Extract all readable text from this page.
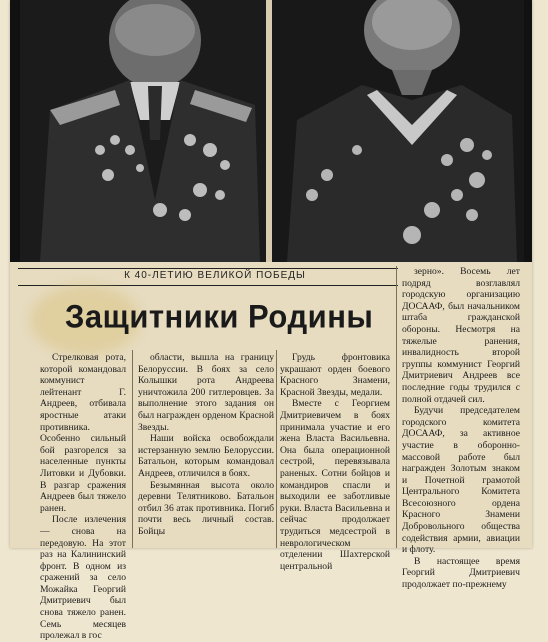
К 40-ЛЕТИЮ ВЕЛИКОЙ ПОБЕДЫ
Защитники Родины

Стрелковая рота, которой командовал коммунист лейтенант Г. Андреев, отбивала яростные атаки противника. Особенно сильный бой разгорелся за населенные пункты Литовки и Дубовки. В разгар сражения Андреев был тяжело ранен.

После излечения — снова на передовую. На этот раз на Калининский фронт. В одном из сражений за село Можайка Георгий Дмитриевич был снова тяжело ранен. Семь месяцев пролежал в гос

области, вышла на границу Белоруссии. В боях за село Колышки рота Андреева уничтожила 200 гитлеровцев. За выполнение этого задания он был награжден орденом Красной Звезды.

Наши войска освобождали истерзанную землю Белоруссии. Батальон, которым командовал Андреев, отличился в боях.

Безымянная высота около деревни Телятниково. Батальон отбил 36 атак противника. Погиб почти весь личный состав. Бойцы

Грудь фронтовика украшают орден боевого Красного Знамени, Красной Звезды, медали.

Вместе с Георгием Дмитриевичем в боях принимала участие и его жена Власта Васильевна. Она была операционной сестрой, перевязывала раненых. Сотни бойцов и командиров спасли и выходили ее заботливые руки. Власта Васильевна и сейчас продолжает трудиться медсестрой в неврологическом отделении Шахтерской центральной

зерно». Восемь лет подряд возглавлял городскую организацию ДОСААФ, был начальником штаба гражданской обороны. Несмотря на тяжелые ранения, инвалидность второй группы коммунист Георгий Дмитриевич Андреев все последние годы трудился с полной отдачей сил.

Будучи председателем городского комитета ДОСААФ, за активное участие в оборонно-массовой работе был награжден Золотым знаком и Почетной грамотой Центрального Комитета Всесоюзного ордена Красного Знамени Добровольного общества содействия армии, авиации и флоту.

В настоящее время Георгий Дмитриевич продолжает по-прежнему
